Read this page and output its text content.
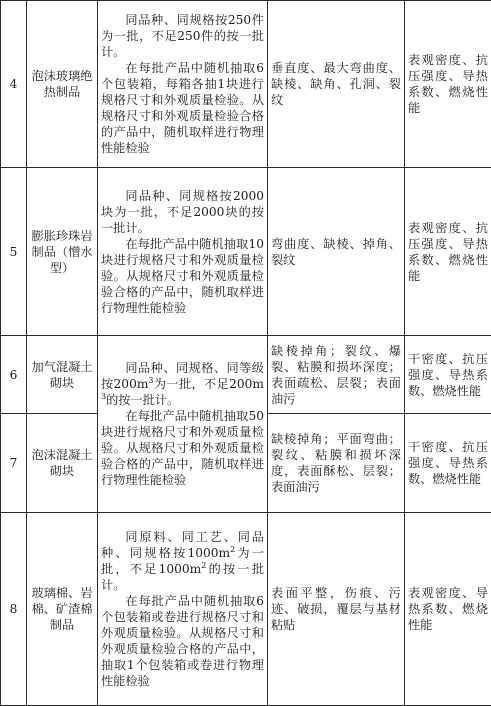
4	泡沫玻璃绝热制品	同品种、同规格按250件为一批，不足250件的按一批计。

在每批产品中随机抽取6个包装箱，每箱各抽1块进行规格尺寸和外观质量检验。从规格尺寸和外观质量检验合格的产品中，随机取样进行物理性能检验	垂直度、最大弯曲度、缺棱、缺角、孔洞、裂纹	表观密度、抗压强度、导热系数、燃烧性能

5	膨胀珍珠岩制品（憎水型）	同品种、同规格按2000块为一批，不足2000块的按一批计。

在每批产品中随机抽取10块进行规格尺寸和外观质量检验。从规格尺寸和外观质量检验合格的产品中，随机取样进行物理性能检验	弯曲度、缺棱、掉角、裂纹	表观密度、抗压强度、导热系数、燃烧性能

6	加气混凝土砌块	同品种、同规格、同等级按$200m^3$为一批，不足$200m^3$的按一批计。

在每批产品中随机抽取50块进行规格尺寸和外观质量检验。从规格尺寸和外观质量检验合格的产品中，随机取样进行物理性能检验	缺棱掉角；裂纹、爆裂、粘膜和损坏深度；表面疏松、层裂；表面油污	干密度、抗压强度、导热系数、燃烧性能

7	泡沫混凝土砌块		缺棱掉角；平面弯曲；裂纹、粘膜和损坏深度，表面酥松、层裂；表面油污	干密度、抗压强度、导热系数、燃烧性能

8	玻璃棉、岩棉、矿渣棉制品	同原料、同工艺、同品种、同规格按$1000m^2$为一批，不足$1000m^2$的按一批计。

在每批产品中随机抽取6个包装箱或卷进行规格尺寸和外观质量检验。从规格尺寸和外观质量检验合格的产品中，抽取1个包装箱或卷进行物理性能检验	表面平整，伤痕、污迹、破损，覆层与基材粘贴	表观密度、导热系数、燃烧性能
